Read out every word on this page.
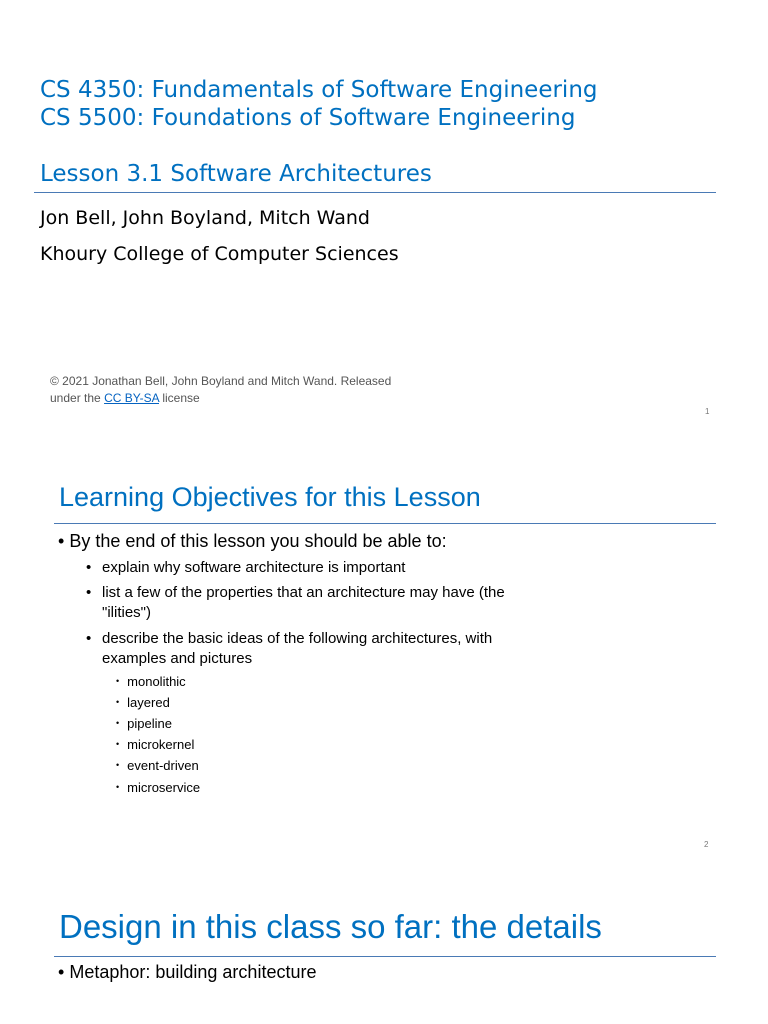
CS 4350: Fundamentals of Software Engineering
CS 5500: Foundations of Software Engineering
Lesson 3.1 Software Architectures
Jon Bell, John Boyland, Mitch Wand
Khoury College of Computer Sciences
© 2021 Jonathan Bell, John Boyland and Mitch Wand. Released
under the CC BY-SA license
1
Learning Objectives for this Lesson
• By the end of this lesson you should be able to:
• explain why software architecture is important
• list a few of the properties that an architecture may have (the "ilities")
• describe the basic ideas of the following architectures, with examples and pictures
• monolithic
• layered
• pipeline
• microkernel
• event-driven
• microservice
2
Design in this class so far: the details
• Metaphor: building architecture
